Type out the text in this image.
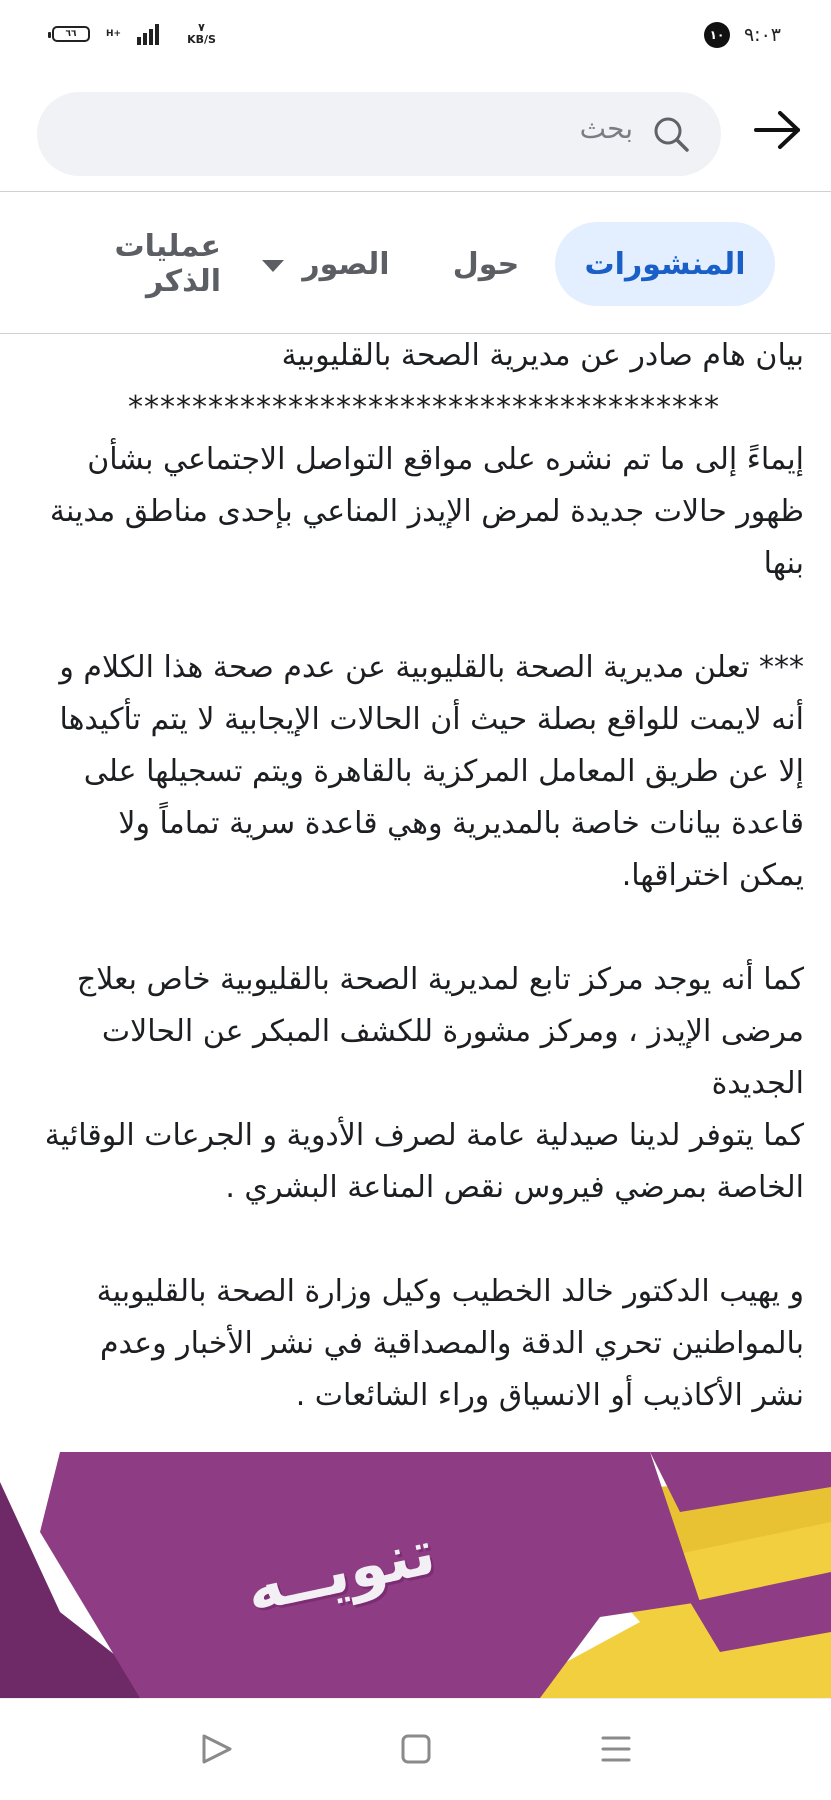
٦٦	H+	٧
KB/S	٩:٠٣
١٠
بحث
المنشورات
حول
الصور
عمليات الذكر

بيان هام صادر عن مديرية الصحة بالقليوبية

*************************************

إيماءً إلى ما تم نشره على مواقع التواصل الاجتماعي بشأن ظهور حالات جديدة لمرض الإيدز المناعي بإحدى مناطق مدينة بنها

*** تعلن مديرية الصحة بالقليوبية عن عدم صحة هذا الكلام و أنه لايمت للواقع بصلة حيث أن الحالات الإيجابية لا يتم تأكيدها إلا عن طريق المعامل المركزية بالقاهرة ويتم تسجيلها على قاعدة بيانات خاصة بالمديرية وهي قاعدة سرية تماماً ولا يمكن اختراقها.

كما أنه يوجد مركز تابع لمديرية الصحة بالقليوبية خاص بعلاج مرضى الإيدز ، ومركز مشورة للكشف المبكر عن الحالات الجديدة

كما يتوفر لدينا صيدلية عامة لصرف الأدوية و الجرعات الوقائية الخاصة بمرضي فيروس نقص المناعة البشري .

و يهيب الدكتور خالد الخطيب وكيل وزارة الصحة بالقليوبية بالمواطنين تحري الدقة والمصداقية في نشر الأخبار وعدم نشر الأكاذيب أو الانسياق وراء الشائعات .

تنويــه
